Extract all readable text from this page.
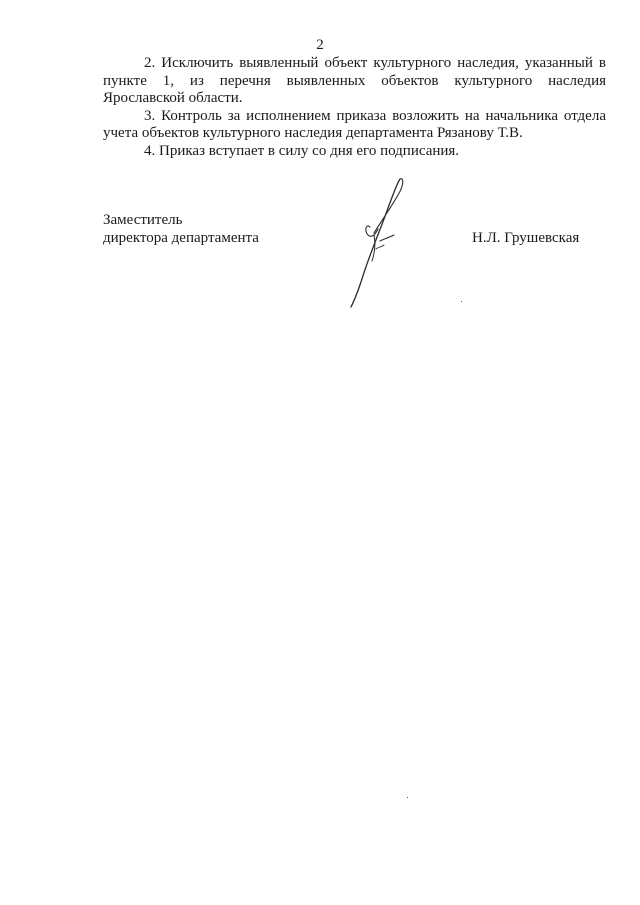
2

2. Исключить выявленный объект культурного наследия, указанный в пункте 1, из перечня выявленных объектов культурного наследия
Ярославской области.

3. Контроль за исполнением приказа возложить на начальника отдела учета объектов культурного наследия департамента Рязанову Т.В.

4. Приказ вступает в силу со дня его подписания.

Заместитель
директора департамента	Н.Л. Грушевская
